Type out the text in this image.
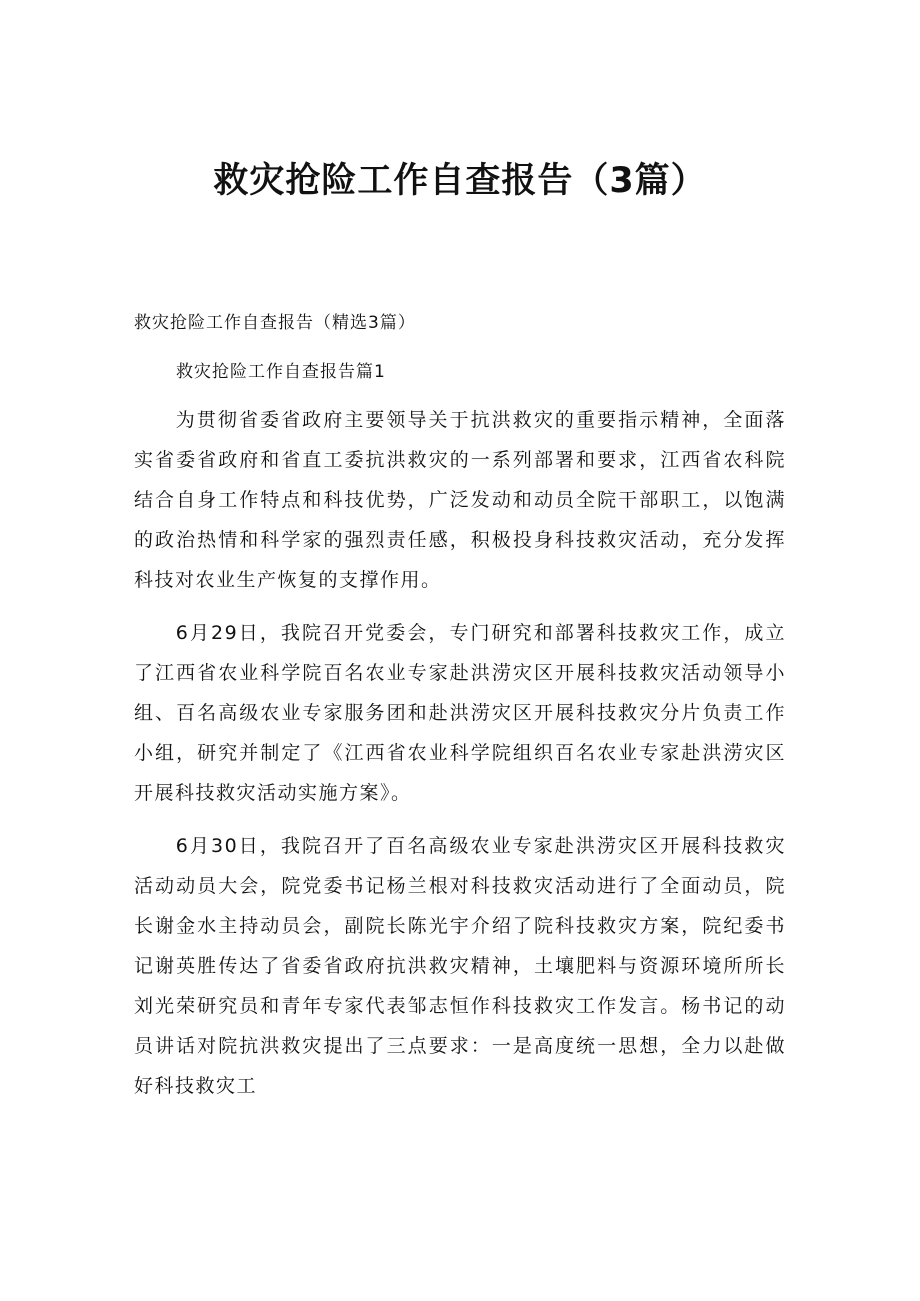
救灾抢险工作自查报告（3篇）
救灾抢险工作自查报告（精选3篇）
救灾抢险工作自查报告篇1

为贯彻省委省政府主要领导关于抗洪救灾的重要指示精神，全面落实省委省政府和省直工委抗洪救灾的一系列部署和要求，江西省农科院结合自身工作特点和科技优势，广泛发动和动员全院干部职工，以饱满的政治热情和科学家的强烈责任感，积极投身科技救灾活动，充分发挥科技对农业生产恢复的支撑作用。

6月29日，我院召开党委会，专门研究和部署科技救灾工作，成立了江西省农业科学院百名农业专家赴洪涝灾区开展科技救灾活动领导小组、百名高级农业专家服务团和赴洪涝灾区开展科技救灾分片负责工作小组，研究并制定了《江西省农业科学院组织百名农业专家赴洪涝灾区开展科技救灾活动实施方案》。

6月30日，我院召开了百名高级农业专家赴洪涝灾区开展科技救灾活动动员大会，院党委书记杨兰根对科技救灾活动进行了全面动员，院长谢金水主持动员会，副院长陈光宇介绍了院科技救灾方案，院纪委书记谢英胜传达了省委省政府抗洪救灾精神，土壤肥料与资源环境所所长刘光荣研究员和青年专家代表邹志恒作科技救灾工作发言。杨书记的动员讲话对院抗洪救灾提出了三点要求：一是高度统一思想，全力以赴做好科技救灾工
